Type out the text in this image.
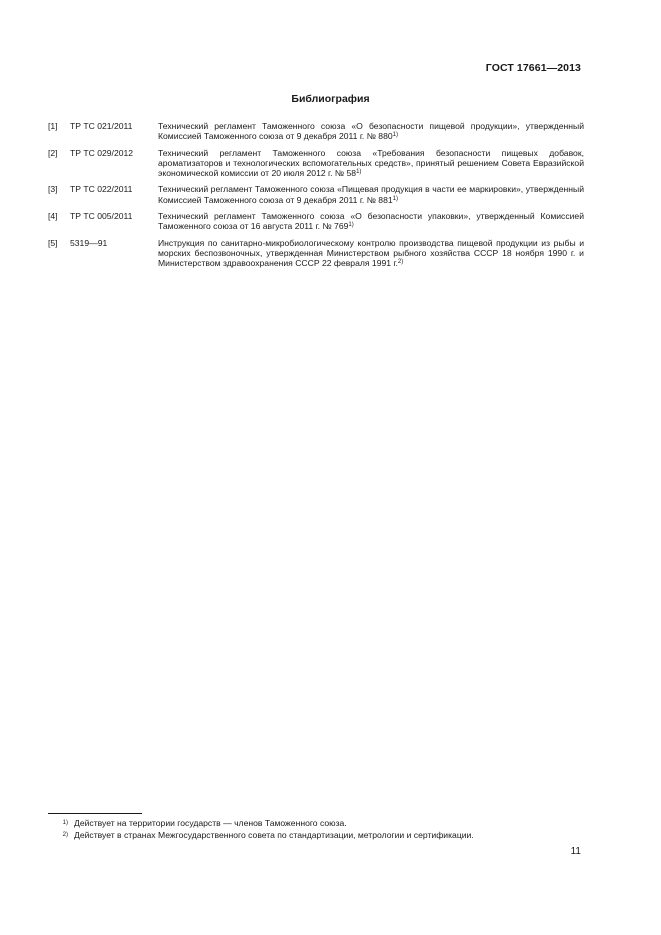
ГОСТ 17661—2013
Библиография
[1]	ТР ТС 021/2011	Технический регламент Таможенного союза «О безопасности пищевой продукции», утвержденный Комиссией Таможенного союза от 9 декабря 2011 г. № 880$^{1)}$
[2]	ТР ТС 029/2012	Технический регламент Таможенного союза «Требования безопасности пищевых добавок, ароматизаторов и технологических вспомогательных средств», принятый решением Совета Евразийской экономической комиссии от 20 июля 2012 г. № 58$^{1)}$
[3]	ТР ТС 022/2011	Технический регламент Таможенного союза «Пищевая продукция в части ее маркировки», утвержденный Комиссией Таможенного союза от 9 декабря 2011 г. № 881$^{1)}$
[4]	ТР ТС 005/2011	Технический регламент Таможенного союза «О безопасности упаковки», утвержденный Комиссией Таможенного союза от 16 августа 2011 г. № 769$^{1)}$
[5]	5319—91	Инструкция по санитарно-микробиологическому контролю производства пищевой продукции из рыбы и морских беспозвоночных, утвержденная Министерством рыбного хозяйства СССР 18 ноября 1990 г. и Министерством здравоохранения СССР 22 февраля 1991 г.$^{2)}$
$^{1)}$ Действует на территории государств — членов Таможенного союза.
$^{2)}$ Действует в странах Межгосударственного совета по стандартизации, метрологии и сертификации.
11
